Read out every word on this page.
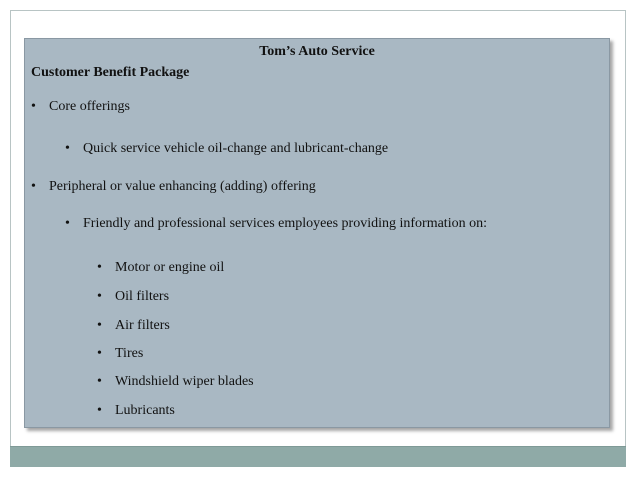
Tom’s Auto Service
Customer Benefit Package
• Core offerings
• Quick service vehicle oil-change and lubricant-change
• Peripheral or value enhancing (adding) offering
• Friendly and professional services employees providing information on:
• Motor or engine oil
• Oil filters
• Air filters
• Tires
• Windshield wiper blades
• Lubricants
